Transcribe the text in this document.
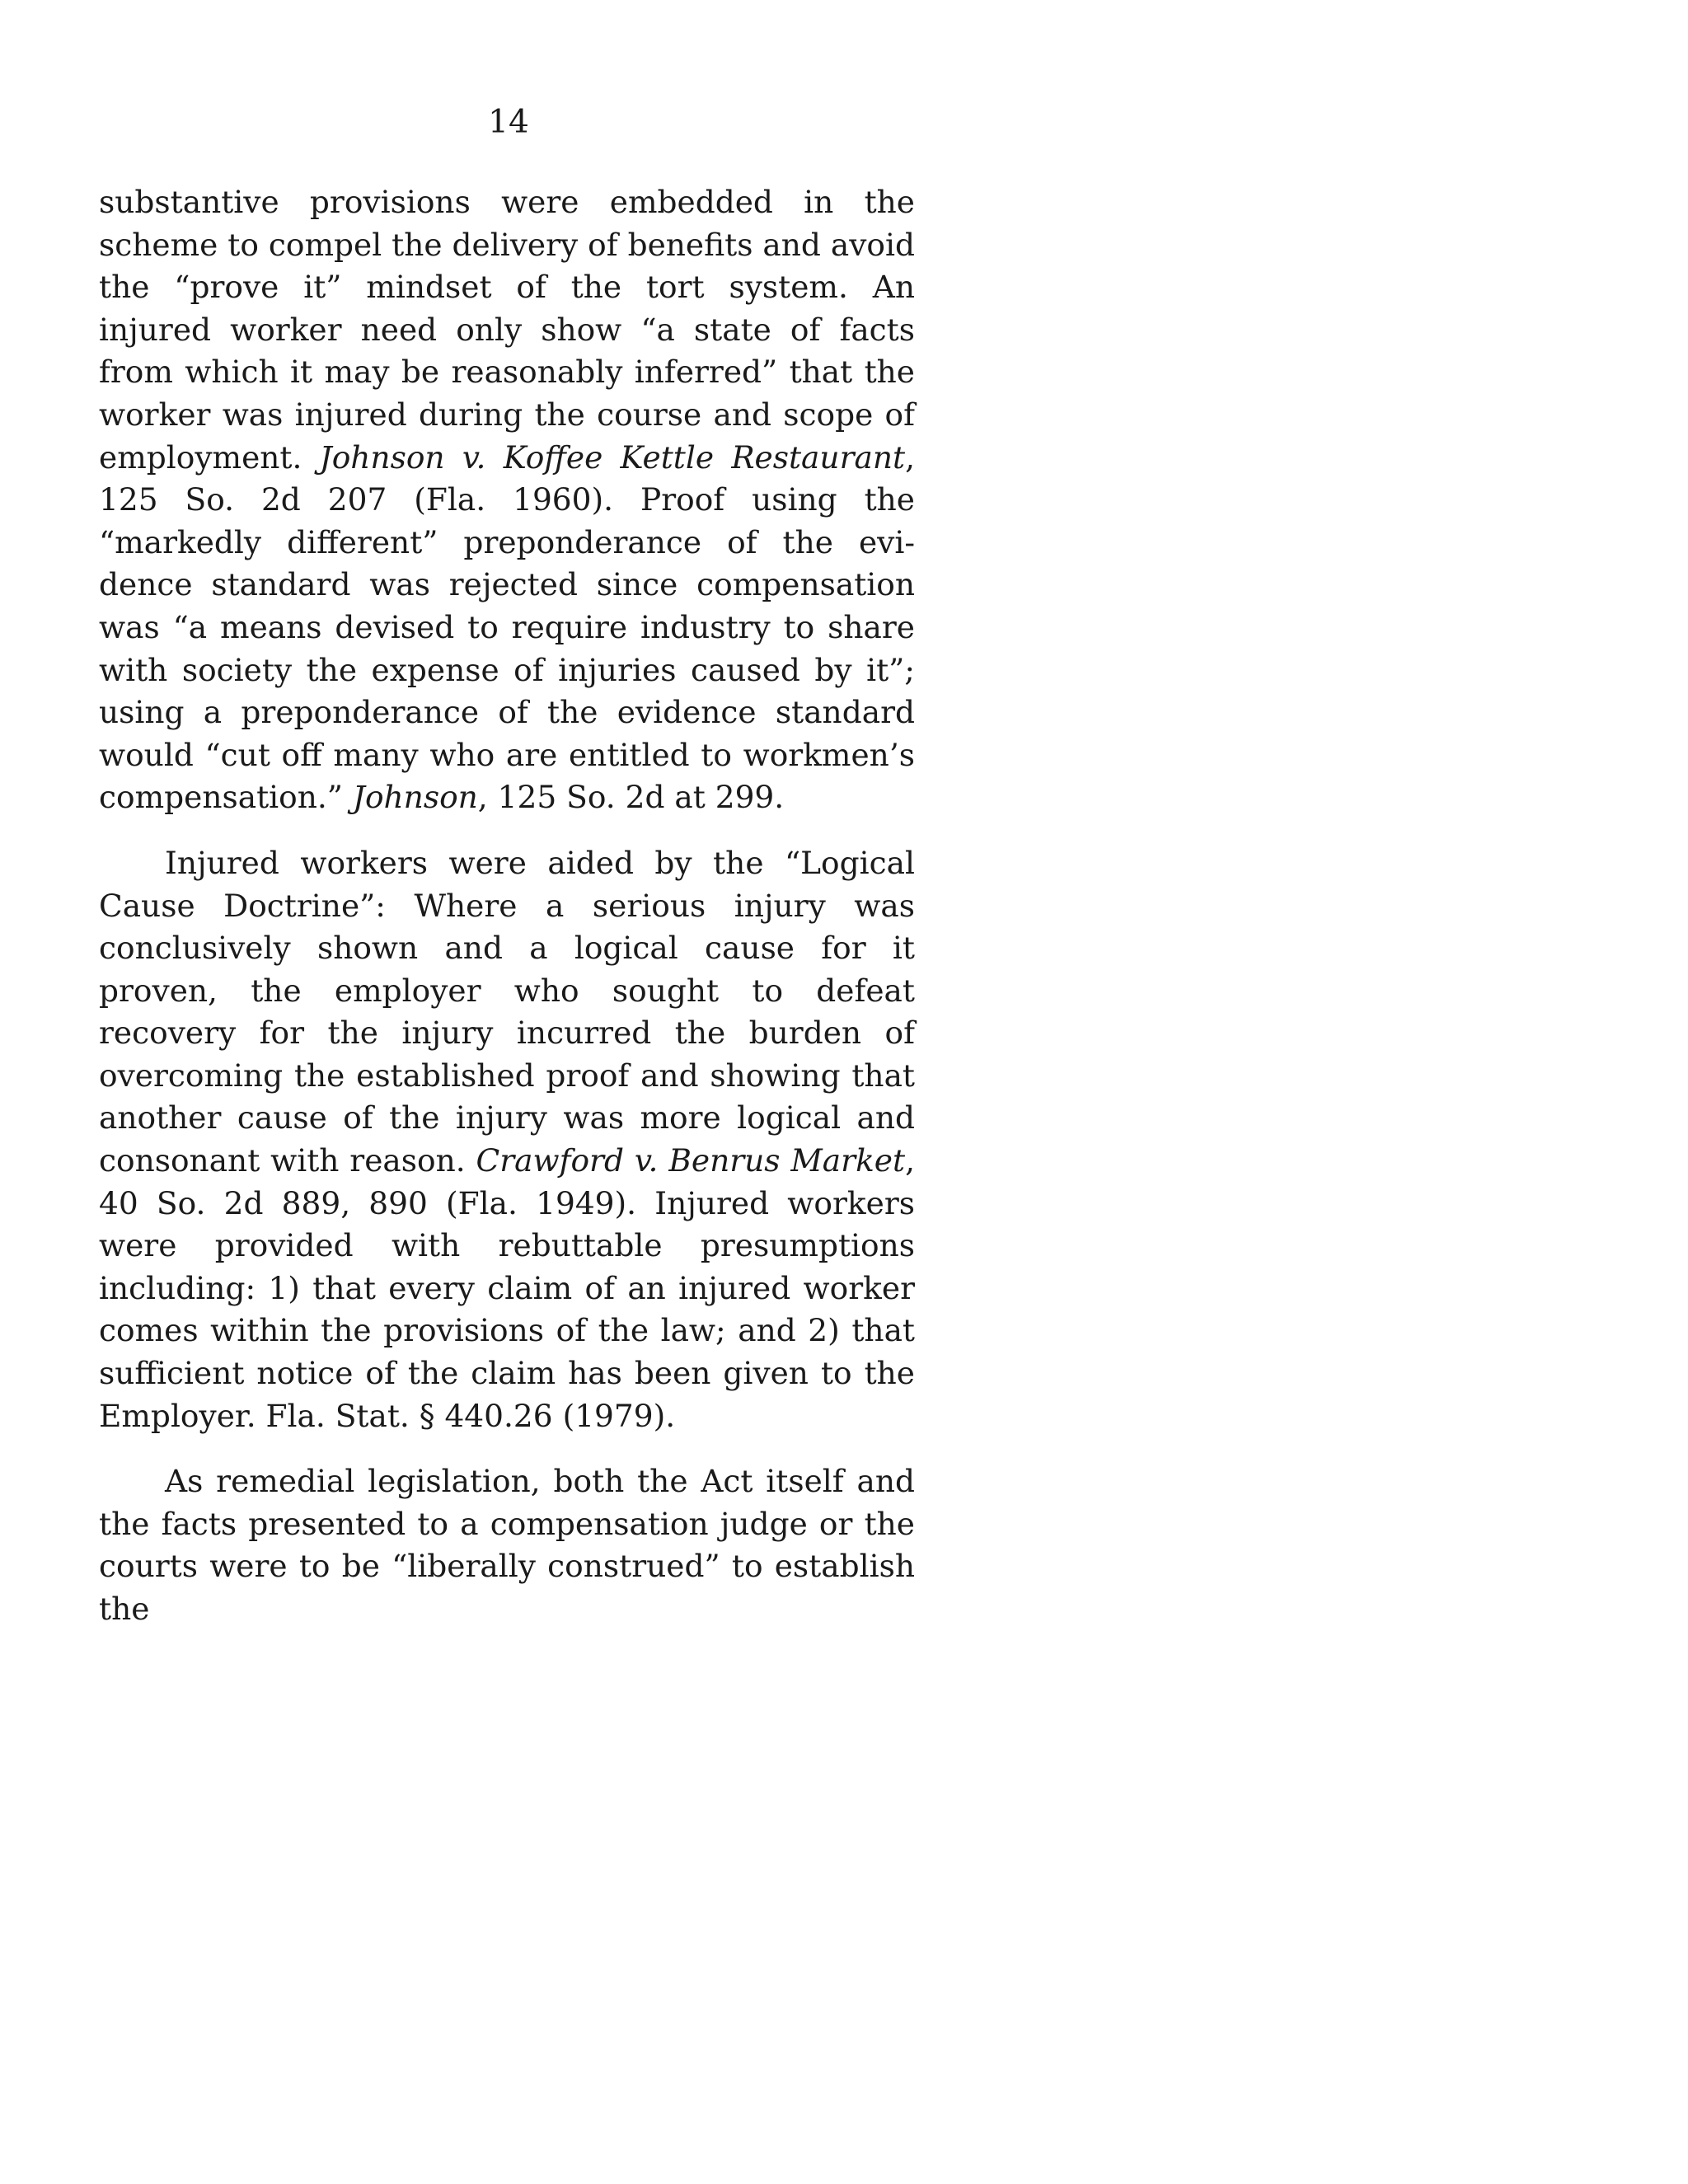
14

substantive provisions were embedded in the scheme to compel the delivery of benefits and avoid the “prove it” mindset of the tort system. An injured worker need only show “a state of facts from which it may be reasonably inferred” that the worker was injured during the course and scope of employment. Johnson v. Koffee Kettle Restaurant, 125 So. 2d 207 (Fla. 1960). Proof using the “markedly different” preponderance of the evidence standard was rejected since compensation was “a means devised to require industry to share with society the expense of injuries caused by it”; using a preponderance of the evidence standard would “cut off many who are entitled to workmen’s compensation.” Johnson, 125 So. 2d at 299.

Injured workers were aided by the “Logical Cause Doctrine”: Where a serious injury was conclusively shown and a logical cause for it proven, the employer who sought to defeat recovery for the injury incurred the burden of overcoming the established proof and showing that another cause of the injury was more logical and consonant with reason. Crawford v. Benrus Market, 40 So. 2d 889, 890 (Fla. 1949). Injured workers were provided with rebuttable presumptions including: 1) that every claim of an injured worker comes within the provisions of the law; and 2) that sufficient notice of the claim has been given to the Employer. Fla. Stat. § 440.26 (1979).

As remedial legislation, both the Act itself and the facts presented to a compensation judge or the courts were to be “liberally construed” to establish the
